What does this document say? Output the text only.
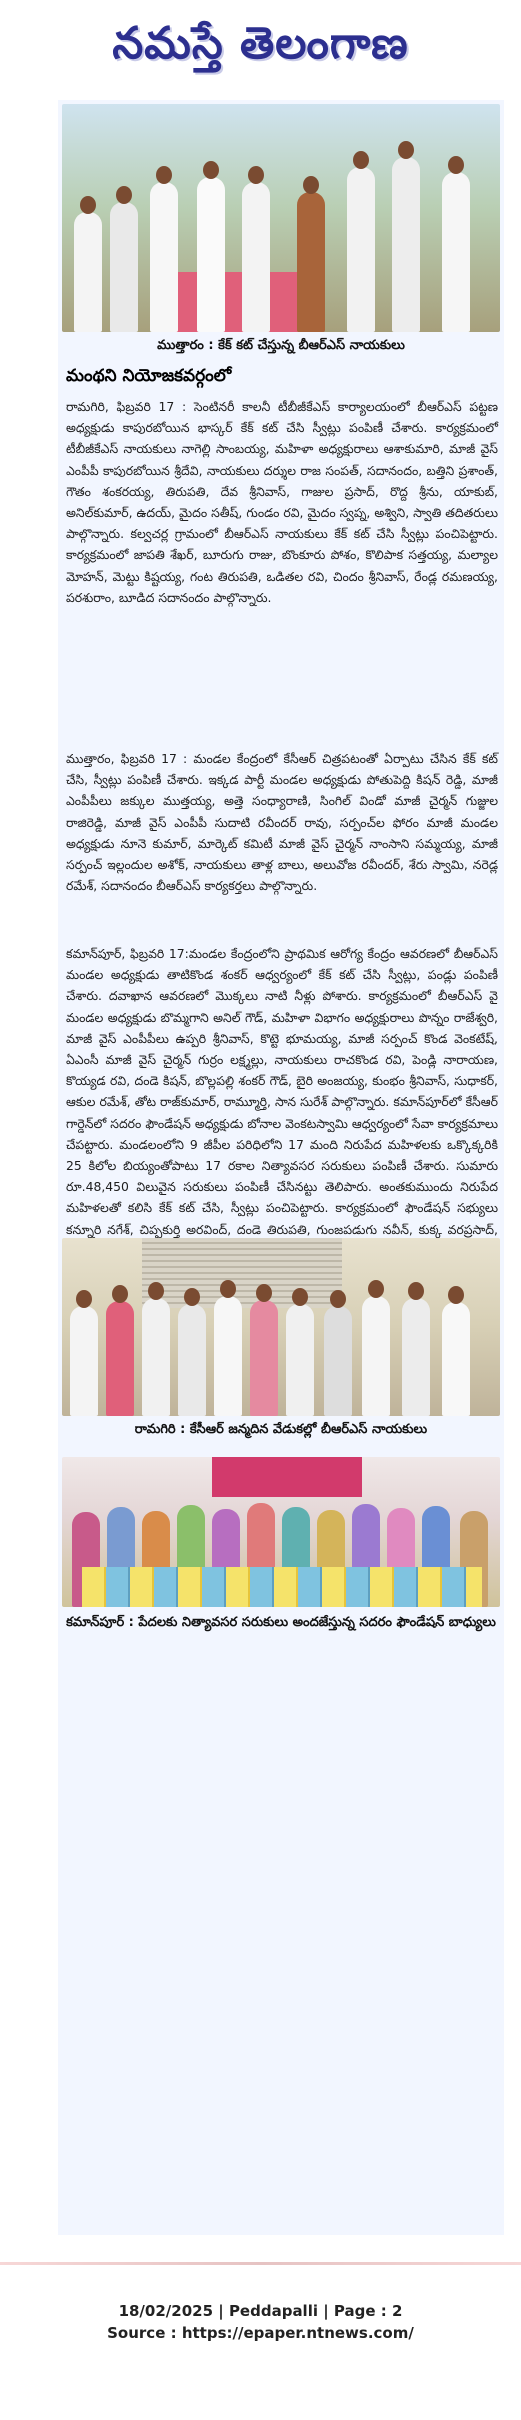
నమస్తే తెలంగాణ
ముత్తారం : కేక్ కట్ చేస్తున్న బీఆర్ఎస్ నాయకులు
మంథని నియోజకవర్గంలో

రామగిరి, ఫిబ్రవరి 17 : సెంటినరీ కాలనీ టీబీజీకేఎస్ కార్యాలయంలో బీఆర్ఎస్ పట్టణ అధ్యక్షుడు కాపురబోయిన భాస్కర్ కేక్ కట్ చేసి స్వీట్లు పంపిణీ చేశారు. కార్యక్రమంలో టీబీజీకేఎస్ నాయకులు నాగెల్లి సాంబయ్య, మహిళా అధ్యక్షురాలు ఆశాకుమారి, మాజీ వైస్ ఎంపీపీ కాపురబోయిన శ్రీదేవి, నాయకులు దర్శుల రాజ సంపత్, సదానందం, బత్తిని ప్రశాంత్, గౌతం శంకరయ్య, తిరుపతి, దేవ శ్రీనివాస్, గాజుల ప్రసాద్, రొద్ద శ్రీను, యాకుబ్, అనిల్‌కుమార్, ఉదయ్, మైదం సతీష్, గుండం రవి, మైదం స్వప్న, అశ్విని, స్వాతి తదితరులు పాల్గొన్నారు. కల్వచర్ల గ్రామంలో బీఆర్ఎస్ నాయకులు కేక్ కట్ చేసి స్వీట్లు పంచిపెట్టారు. కార్యక్రమంలో జాపతి శేఖర్, బూరుగు రాజు, బొంకూరు పోశం, కొలిపాక సత్తయ్య, మల్యాల మోహన్, మెట్టు కిష్టయ్య, గంట తిరుపతి, ఒడితల రవి, చిందం శ్రీనివాస్, రేండ్ల రమణయ్య, పరశురాం, బూడిద సదానందం పాల్గొన్నారు.

ముత్తారం, ఫిబ్రవరి 17 : మండల కేంద్రంలో కేసీఆర్ చిత్రపటంతో ఏర్పాటు చేసిన కేక్ కట్ చేసి, స్వీట్లు పంపిణీ చేశారు. ఇక్కడ పార్టీ మండల అధ్యక్షుడు పోతుపెద్ది కిషన్ రెడ్డి, మాజీ ఎంపీపీలు జక్కుల ముత్తయ్య, అత్తె సంధ్యారాణి, సింగిల్ విండో మాజీ చైర్మన్ గుజ్జుల రాజిరెడ్డి, మాజీ వైస్ ఎంపీపీ సుదాటి రవీందర్ రావు, సర్పంచ్‌ల ఫోరం మాజీ మండల అధ్యక్షుడు నూనె కుమార్, మార్కెట్ కమిటీ మాజీ వైస్ చైర్మన్ నాంసాని సమ్మయ్య, మాజీ సర్పంచ్ ఇల్లందుల అశోక్, నాయకులు తాళ్ల బాలు, అలువోజ రవీందర్, శేరు స్వామి, నరెడ్ల రమేశ్, సదానందం బీఆర్ఎస్ కార్యకర్తలు పాల్గొన్నారు.

కమాన్‌పూర్, ఫిబ్రవరి 17:మండల కేంద్రంలోని ప్రాథమిక ఆరోగ్య కేంద్రం ఆవరణలో బీఆర్ఎస్ మండల అధ్యక్షుడు తాటికొండ శంకర్ ఆధ్వర్యంలో కేక్ కట్ చేసి స్వీట్లు, పండ్లు పంపిణీ చేశారు. దవాఖాన ఆవరణలో మొక్కలు నాటి నీళ్లు పోశారు. కార్యక్రమంలో బీఆర్ఎస్ వై మండల అధ్యక్షుడు బొమ్మగాని అనిల్ గౌడ్, మహిళా విభాగం అధ్యక్షురాలు పొన్నం రాజేశ్వరి, మాజీ వైస్ ఎంపీపీలు ఉప్పరి శ్రీనివాస్, కొట్టె భూమయ్య, మాజీ సర్పంచ్ కొండ వెంకటేష్, ఏఎంసీ మాజీ వైస్ చైర్మన్ గుర్రం లక్ష్మల్లు, నాయకులు రాచకొండ రవి, పెండ్లి నారాయణ, కొయ్యడ రవి, దండె కిషన్, బొల్లపల్లి శంకర్ గౌడ్, బైరి అంజయ్య, కుంభం శ్రీనివాస్, సుధాకర్, ఆకుల రమేశ్, తోట రాజ్‌కుమార్, రామ్మూర్తి, సాన సురేశ్ పాల్గొన్నారు. కమాన్‌పూర్‌లో కేసీఆర్ గార్డెన్‌లో సదరం ఫౌండేషన్ అధ్యక్షుడు బోనాల వెంకటస్వామి ఆధ్వర్యంలో సేవా కార్యక్రమాలు చేపట్టారు. మండలంలోని 9 జీపీల పరిధిలోని 17 మంది నిరుపేద మహిళలకు ఒక్కొక్కరికి 25 కిలోల బియ్యంతోపాటు 17 రకాల నిత్యావసర సరుకులు పంపిణీ చేశారు. సుమారు రూ.48,450 విలువైన సరుకులు పంపిణీ చేసినట్టు తెలిపారు. అంతకుముందు నిరుపేద మహిళలతో కలిసి కేక్ కట్ చేసి, స్వీట్లు పంచిపెట్టారు. కార్యక్రమంలో ఫౌండేషన్ సభ్యులు కన్నూరి నగేశ్, చిప్పకుర్తి అరవింద్, దండె తిరుపతి, గుంజపడుగు నవీన్, కుక్క వరప్రసాద్,

రామగిరి : కేసీఆర్ జన్మదిన వేడుకల్లో బీఆర్ఎస్ నాయకులు
కమాన్‌పూర్ : పేదలకు నిత్యావసర సరుకులు అందజేస్తున్న సదరం ఫౌండేషన్ బాధ్యులు
18/02/2025 | Peddapalli | Page : 2
Source : https://epaper.ntnews.com/
